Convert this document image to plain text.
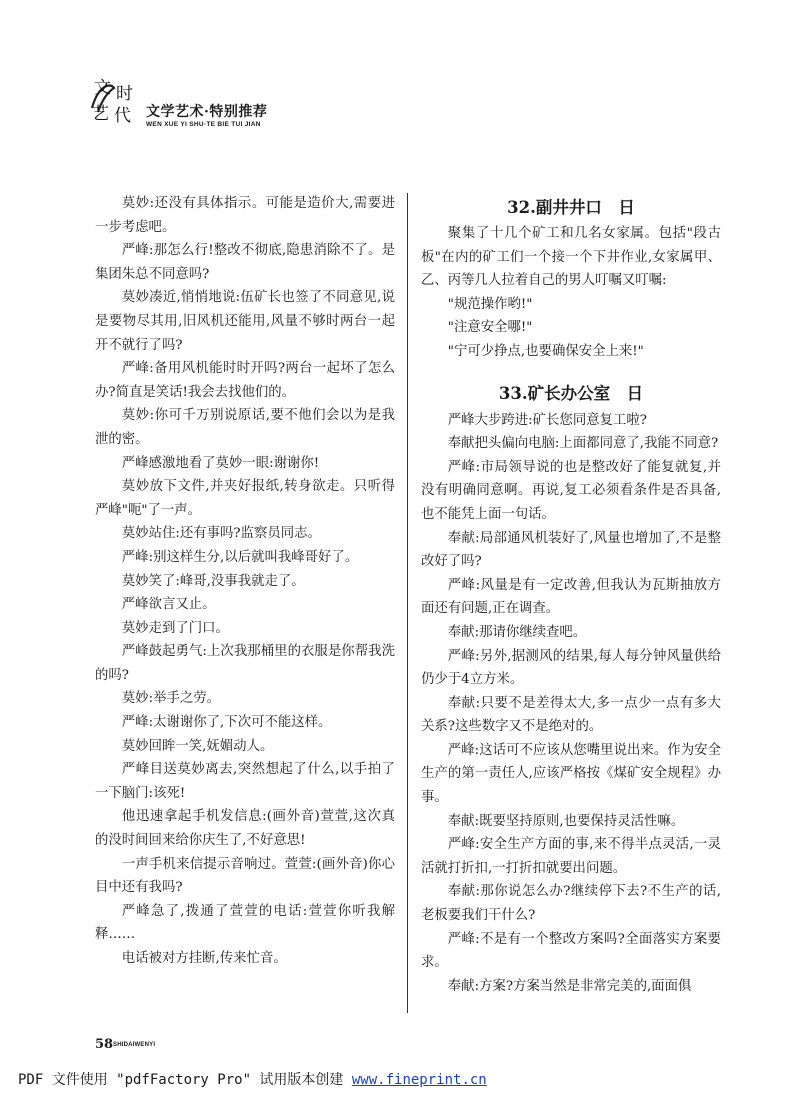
文 时
艺 代 文学艺术·特别推荐
WEN XUE YI SHU·TE BIE TUI JIAN

莫妙:还没有具体指示。可能是造价大,需要进一步考虑吧。

严峰:那怎么行!整改不彻底,隐患消除不了。是集团朱总不同意吗?

莫妙凑近,悄悄地说:伍矿长也签了不同意见,说是要物尽其用,旧风机还能用,风量不够时两台一起开不就行了吗?

严峰:备用风机能时时开吗?两台一起坏了怎么办?简直是笑话!我会去找他们的。

莫妙:你可千万别说原话,要不他们会以为是我泄的密。

严峰感激地看了莫妙一眼:谢谢你!

莫妙放下文件,并夹好报纸,转身欲走。只听得严峰"呃"了一声。

莫妙站住:还有事吗?监察员同志。

严峰:别这样生分,以后就叫我峰哥好了。

莫妙笑了:峰哥,没事我就走了。

严峰欲言又止。

莫妙走到了门口。

严峰鼓起勇气:上次我那桶里的衣服是你帮我洗的吗?

莫妙:举手之劳。

严峰:太谢谢你了,下次可不能这样。

莫妙回眸一笑,妩媚动人。

严峰目送莫妙离去,突然想起了什么,以手拍了一下脑门:该死!

他迅速拿起手机发信息:(画外音)萱萱,这次真的没时间回来给你庆生了,不好意思!

一声手机来信提示音响过。萱萱:(画外音)你心目中还有我吗?

严峰急了,拨通了萱萱的电话:萱萱你听我解释……

电话被对方挂断,传来忙音。

32.副井井口　日

聚集了十几个矿工和几名女家属。包括"段古板"在内的矿工们一个接一个下井作业,女家属甲、乙、丙等几人拉着自己的男人叮嘱又叮嘱:

"规范操作哟!"

"注意安全哪!"

"宁可少挣点,也要确保安全上来!"

33.矿长办公室　日

严峰大步跨进:矿长您同意复工啦?

奉献把头偏向电脑:上面都同意了,我能不同意?

严峰:市局领导说的也是整改好了能复就复,并没有明确同意啊。再说,复工必须看条件是否具备,也不能凭上面一句话。

奉献:局部通风机装好了,风量也增加了,不是整改好了吗?

严峰:风量是有一定改善,但我认为瓦斯抽放方面还有问题,正在调查。

奉献:那请你继续查吧。

严峰:另外,据测风的结果,每人每分钟风量供给仍少于4立方米。

奉献:只要不是差得太大,多一点少一点有多大关系?这些数字又不是绝对的。

严峰:这话可不应该从您嘴里说出来。作为安全生产的第一责任人,应该严格按《煤矿安全规程》办事。

奉献:既要坚持原则,也要保持灵活性嘛。

严峰:安全生产方面的事,来不得半点灵活,一灵活就打折扣,一打折扣就要出问题。

奉献:那你说怎么办?继续停下去?不生产的话,老板要我们干什么?

严峰:不是有一个整改方案吗?全面落实方案要求。

奉献:方案?方案当然是非常完美的,面面俱

58 SHIDAIWENYI
PDF 文件使用 "pdfFactory Pro" 试用版本创建 www.fineprint.cn
